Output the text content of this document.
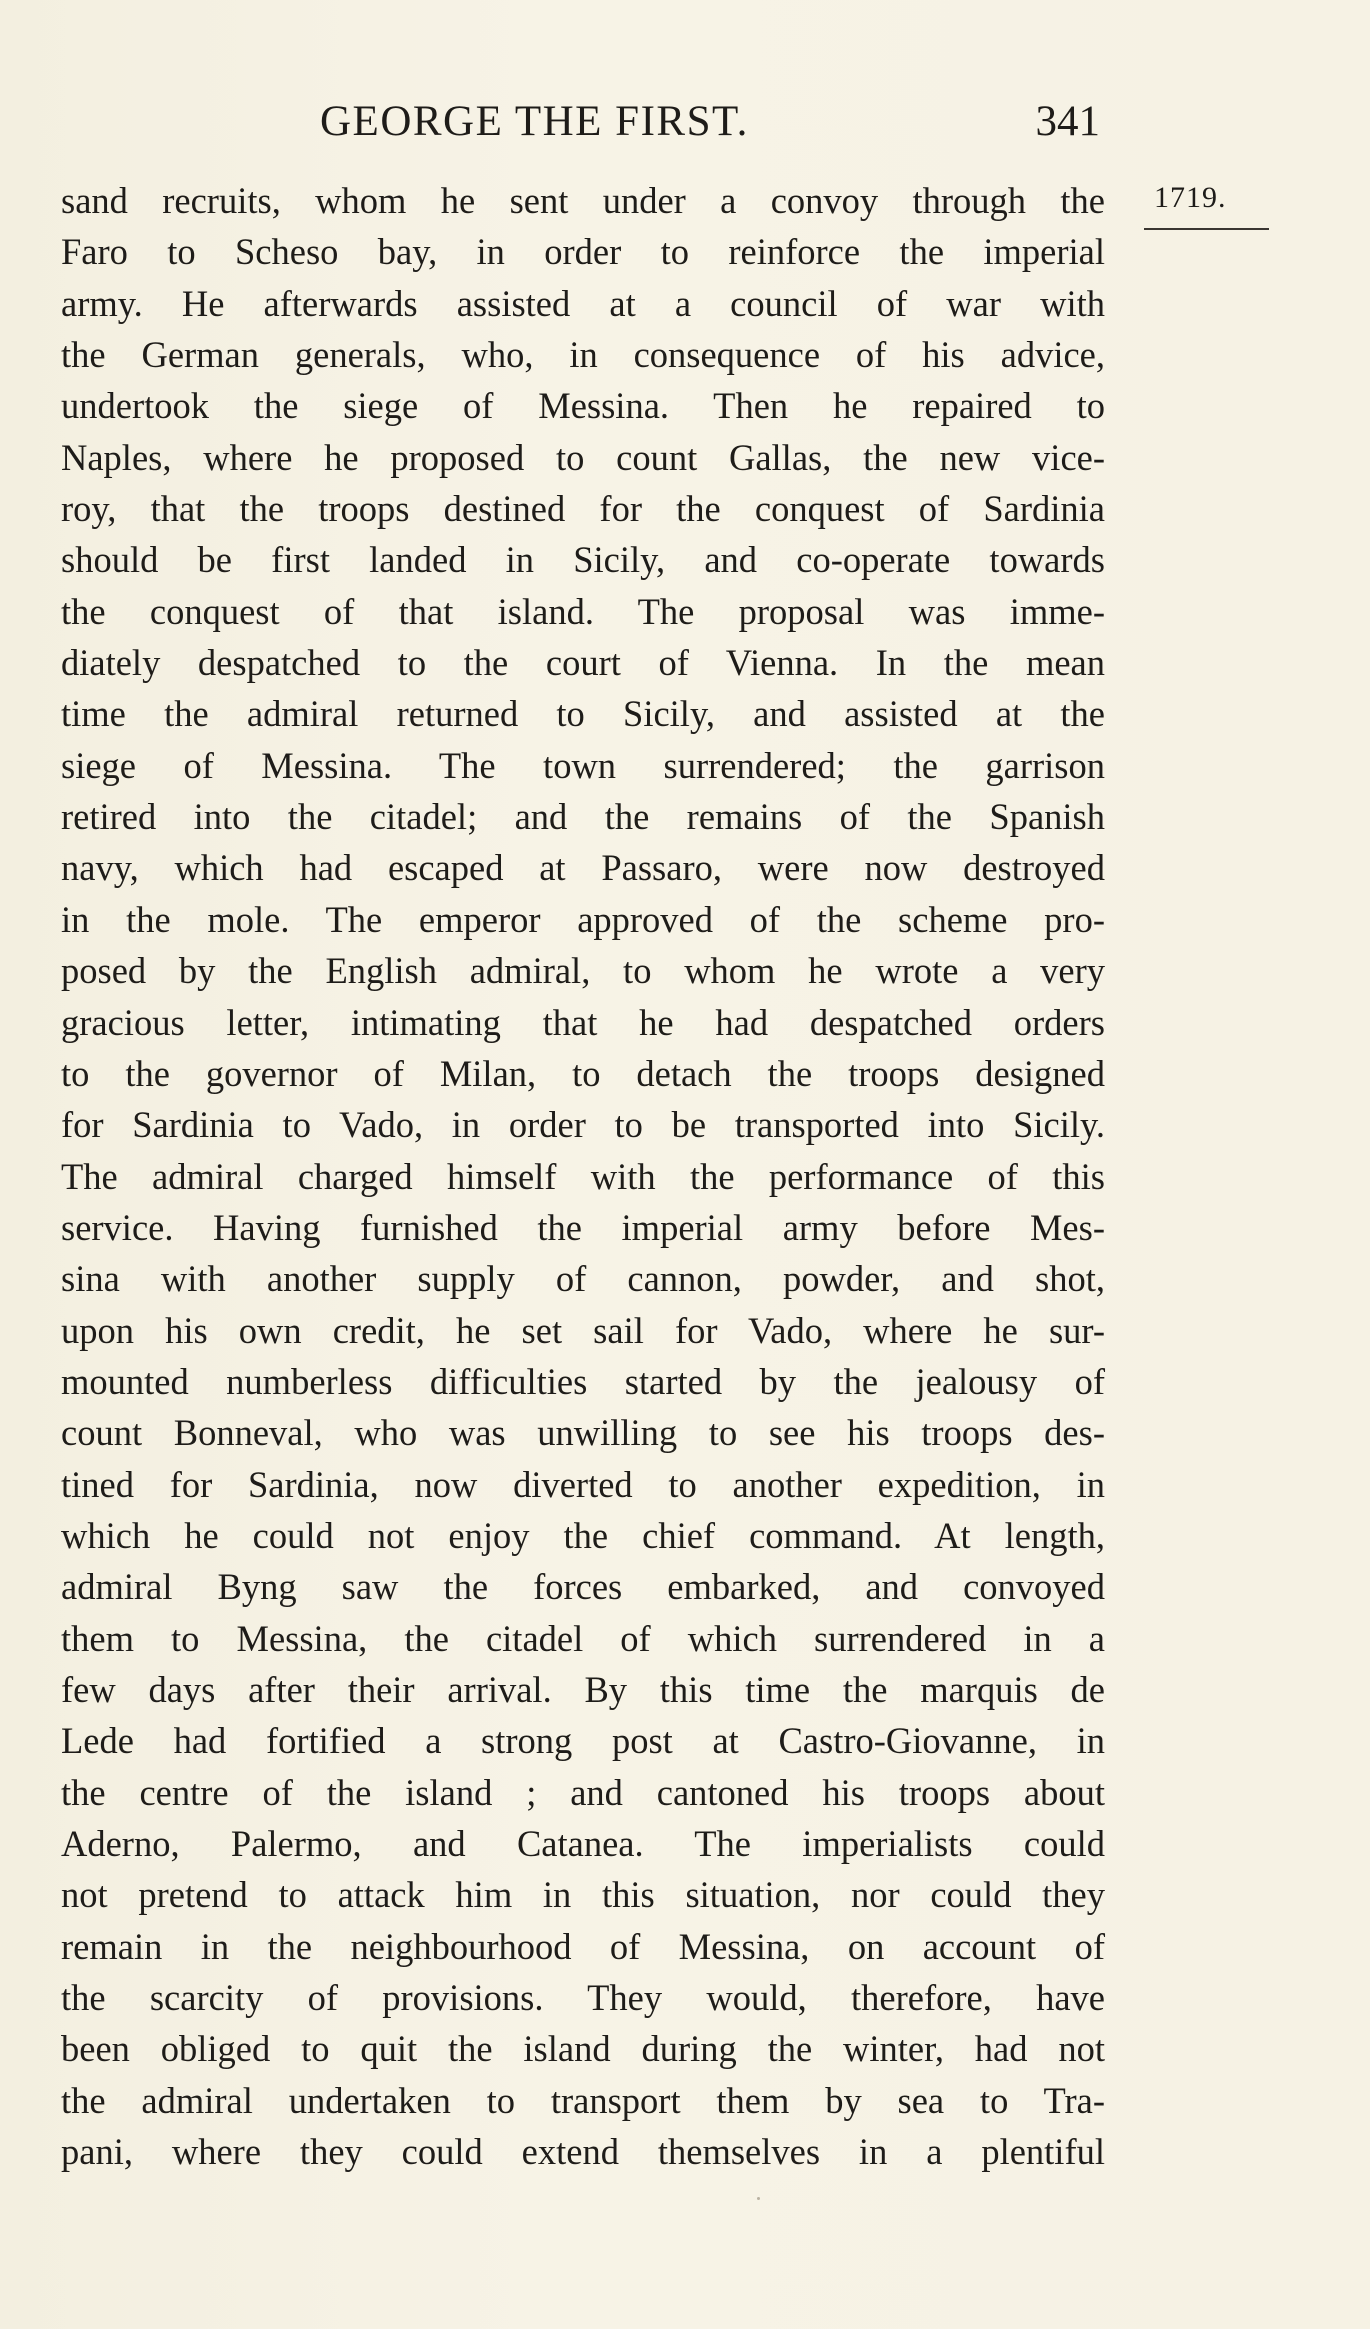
GEORGE THE FIRST.	341
1719.
sand recruits, whom he sent under a convoy through the
Faro to Scheso bay, in order to reinforce the imperial
army. He afterwards assisted at a council of war with
the German generals, who, in consequence of his advice,
undertook the siege of Messina. Then he repaired to
Naples, where he proposed to count Gallas, the new vice-
roy, that the troops destined for the conquest of Sardinia
should be first landed in Sicily, and co-operate towards
the conquest of that island. The proposal was imme-
diately despatched to the court of Vienna. In the mean
time the admiral returned to Sicily, and assisted at the
siege of Messina. The town surrendered; the garrison
retired into the citadel; and the remains of the Spanish
navy, which had escaped at Passaro, were now destroyed
in the mole. The emperor approved of the scheme pro-
posed by the English admiral, to whom he wrote a very
gracious letter, intimating that he had despatched orders
to the governor of Milan, to detach the troops designed
for Sardinia to Vado, in order to be transported into Sicily.
The admiral charged himself with the performance of this
service. Having furnished the imperial army before Mes-
sina with another supply of cannon, powder, and shot,
upon his own credit, he set sail for Vado, where he sur-
mounted numberless difficulties started by the jealousy of
count Bonneval, who was unwilling to see his troops des-
tined for Sardinia, now diverted to another expedition, in
which he could not enjoy the chief command. At length,
admiral Byng saw the forces embarked, and convoyed
them to Messina, the citadel of which surrendered in a
few days after their arrival. By this time the marquis de
Lede had fortified a strong post at Castro-Giovanne, in
the centre of the island ; and cantoned his troops about
Aderno, Palermo, and Catanea. The imperialists could
not pretend to attack him in this situation, nor could they
remain in the neighbourhood of Messina, on account of
the scarcity of provisions. They would, therefore, have
been obliged to quit the island during the winter, had not
the admiral undertaken to transport them by sea to Tra-
pani, where they could extend themselves in a plentiful
